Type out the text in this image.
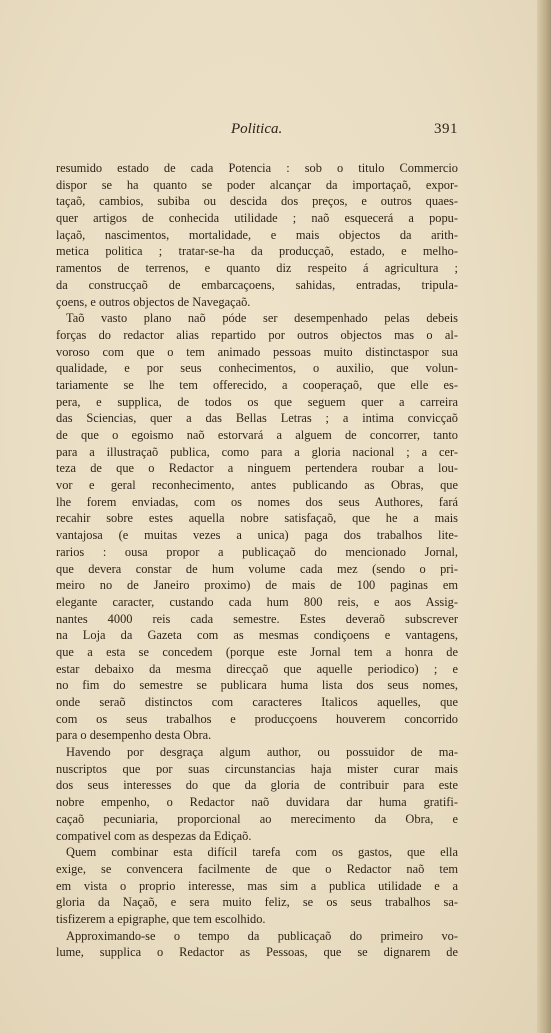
Politica.	391
resumido estado de cada Potencia : sob o titulo Commercio
dispor se ha quanto se poder alcançar da importaçaõ, expor-
taçaõ, cambios, subiba ou descida dos preços, e outros quaes-
quer artigos de conhecida utilidade ; naõ esquecerá a popu-
laçaõ, nascimentos, mortalidade, e mais objectos da arith-
metica politica ; tratar-se-ha da producçaõ, estado, e melho-
ramentos de terrenos, e quanto diz respeito á agricultura ;
da construcçaõ de embarcaçoens, sahidas, entradas, tripula-
çoens, e outros objectos de Navegaçaõ.
Taõ vasto plano naõ póde ser desempenhado pelas debeis
forças do redactor alias repartido por outros objectos mas o al-
voroso com que o tem animado pessoas muito distinctaspor sua
qualidade, e por seus conhecimentos, o auxilio, que volun-
tariamente se lhe tem offerecido, a cooperaçaõ, que elle es-
pera, e supplica, de todos os que seguem quer a carreira
das Sciencias, quer a das Bellas Letras ; a intima convicçaõ
de que o egoismo naõ estorvará a alguem de concorrer, tanto
para a illustraçaõ publica, como para a gloria nacional ; a cer-
teza de que o Redactor a ninguem pertendera roubar a lou-
vor e geral reconhecimento, antes publicando as Obras, que
lhe forem enviadas, com os nomes dos seus Authores, fará
recahir sobre estes aquella nobre satisfaçaõ, que he a mais
vantajosa (e muitas vezes a unica) paga dos trabalhos lite-
rarios : ousa propor a publicaçaõ do mencionado Jornal,
que devera constar de hum volume cada mez (sendo o pri-
meiro no de Janeiro proximo) de mais de 100 paginas em
elegante caracter, custando cada hum 800 reis, e aos Assig-
nantes 4000 reis cada semestre. Estes deveraõ subscrever
na Loja da Gazeta com as mesmas condiçoens e vantagens,
que a esta se concedem (porque este Jornal tem a honra de
estar debaixo da mesma direcçaõ que aquelle periodico) ; e
no fim do semestre se publicara huma lista dos seus nomes,
onde seraõ distinctos com caracteres Italicos aquelles, que
com os seus trabalhos e producçoens houverem concorrido
para o desempenho desta Obra.
Havendo por desgraça algum author, ou possuidor de ma-
nuscriptos que por suas circunstancias haja mister curar mais
dos seus interesses do que da gloria de contribuir para este
nobre empenho, o Redactor naõ duvidara dar huma gratifi-
caçaõ pecuniaria, proporcional ao merecimento da Obra, e
compativel com as despezas da Ediçaõ.
Quem combinar esta difícil tarefa com os gastos, que ella
exige, se convencera facilmente de que o Redactor naõ tem
em vista o proprio interesse, mas sim a publica utilidade e a
gloria da Naçaõ, e sera muito feliz, se os seus trabalhos sa-
tisfizerem a epigraphe, que tem escolhido.
Approximando-se o tempo da publicaçaõ do primeiro vo-
lume, supplica o Redactor as Pessoas, que se dignarem de
